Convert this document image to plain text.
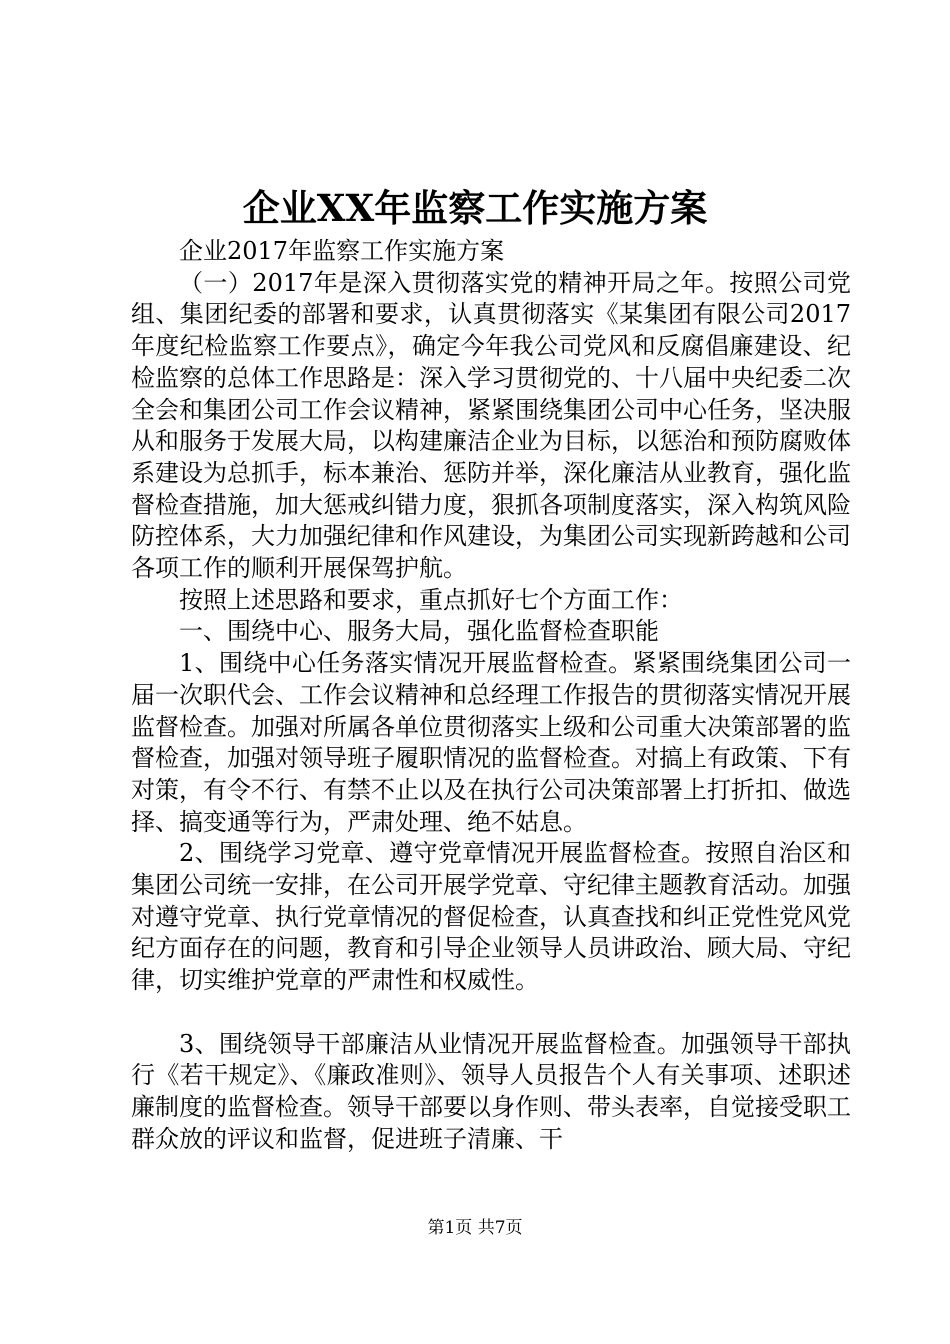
企业XX年监察工作实施方案

企业2017年监察工作实施方案

（一）2017年是深入贯彻落实党的精神开局之年。按照公司党组、集团纪委的部署和要求，认真贯彻落实《某集团有限公司2017年度纪检监察工作要点》，确定今年我公司党风和反腐倡廉建设、纪检监察的总体工作思路是：深入学习贯彻党的、十八届中央纪委二次全会和集团公司工作会议精神，紧紧围绕集团公司中心任务，坚决服从和服务于发展大局，以构建廉洁企业为目标，以惩治和预防腐败体系建设为总抓手，标本兼治、惩防并举，深化廉洁从业教育，强化监督检查措施，加大惩戒纠错力度，狠抓各项制度落实，深入构筑风险防控体系，大力加强纪律和作风建设，为集团公司实现新跨越和公司各项工作的顺利开展保驾护航。

按照上述思路和要求，重点抓好七个方面工作：

一、围绕中心、服务大局，强化监督检查职能

1、围绕中心任务落实情况开展监督检查。紧紧围绕集团公司一届一次职代会、工作会议精神和总经理工作报告的贯彻落实情况开展监督检查。加强对所属各单位贯彻落实上级和公司重大决策部署的监督检查，加强对领导班子履职情况的监督检查。对搞上有政策、下有对策，有令不行、有禁不止以及在执行公司决策部署上打折扣、做选择、搞变通等行为，严肃处理、绝不姑息。

2、围绕学习党章、遵守党章情况开展监督检查。按照自治区和集团公司统一安排，在公司开展学党章、守纪律主题教育活动。加强对遵守党章、执行党章情况的督促检查，认真查找和纠正党性党风党纪方面存在的问题，教育和引导企业领导人员讲政治、顾大局、守纪律，切实维护党章的严肃性和权威性。

3、围绕领导干部廉洁从业情况开展监督检查。加强领导干部执行《若干规定》、《廉政准则》、领导人员报告个人有关事项、述职述廉制度的监督检查。领导干部要以身作则、带头表率，自觉接受职工群众放的评议和监督，促进班子清廉、干

第1页 共7页
